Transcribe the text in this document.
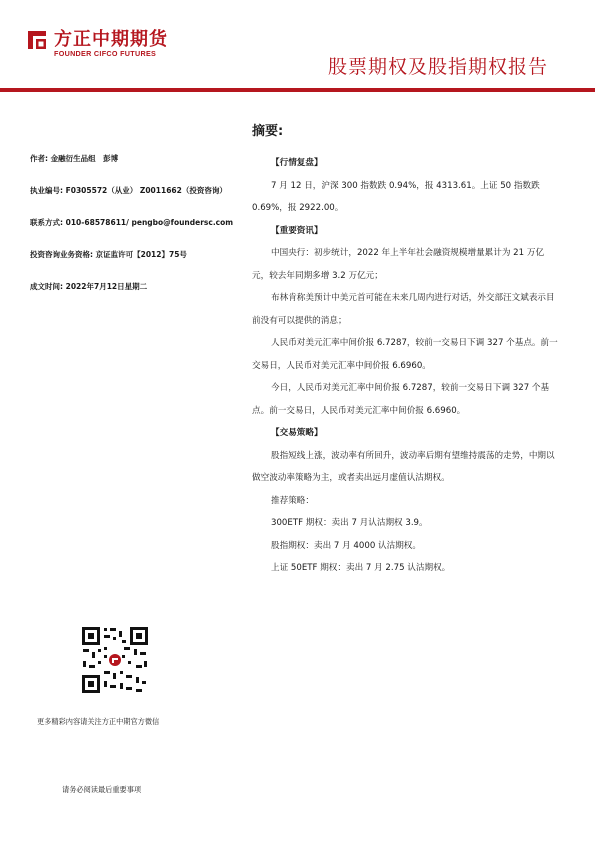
方正中期期货
FOUNDER CIFCO FUTURES
股票期权及股指期权报告
摘要:
作者: 金融衍生品组　彭博
执业编号: F0305572（从业） Z0011662（投资咨询）
联系方式: 010-68578611/ pengbo@foundersc.com
投资咨询业务资格: 京证监许可【2012】75号
成文时间: 2022年7月12日星期二

【行情复盘】

7 月 12 日，沪深 300 指数跌 0.94%，报 4313.61。上证 50 指数跌 0.69%，报 2922.00。

【重要资讯】

中国央行：初步统计，2022 年上半年社会融资规模增量累计为 21 万亿元，较去年同期多增 3.2 万亿元；

布林肯称美预计中美元首可能在未来几周内进行对话，外交部汪文斌表示目前没有可以提供的消息；

人民币对美元汇率中间价报 6.7287，较前一交易日下调 327 个基点。前一交易日，人民币对美元汇率中间价报 6.6960。

今日，人民币对美元汇率中间价报 6.7287，较前一交易日下调 327 个基点。前一交易日，人民币对美元汇率中间价报 6.6960。

【交易策略】

股指短线上涨，波动率有所回升，波动率后期有望维持震荡的走势，中期以做空波动率策略为主，或者卖出远月虚值认沽期权。

推荐策略：

300ETF 期权：卖出 7 月认沽期权 3.9。

股指期权：卖出 7 月 4000 认沽期权。

上证 50ETF 期权：卖出 7 月 2.75 认沽期权。

更多精彩内容请关注方正中期官方微信
请务必阅读最后重要事项
